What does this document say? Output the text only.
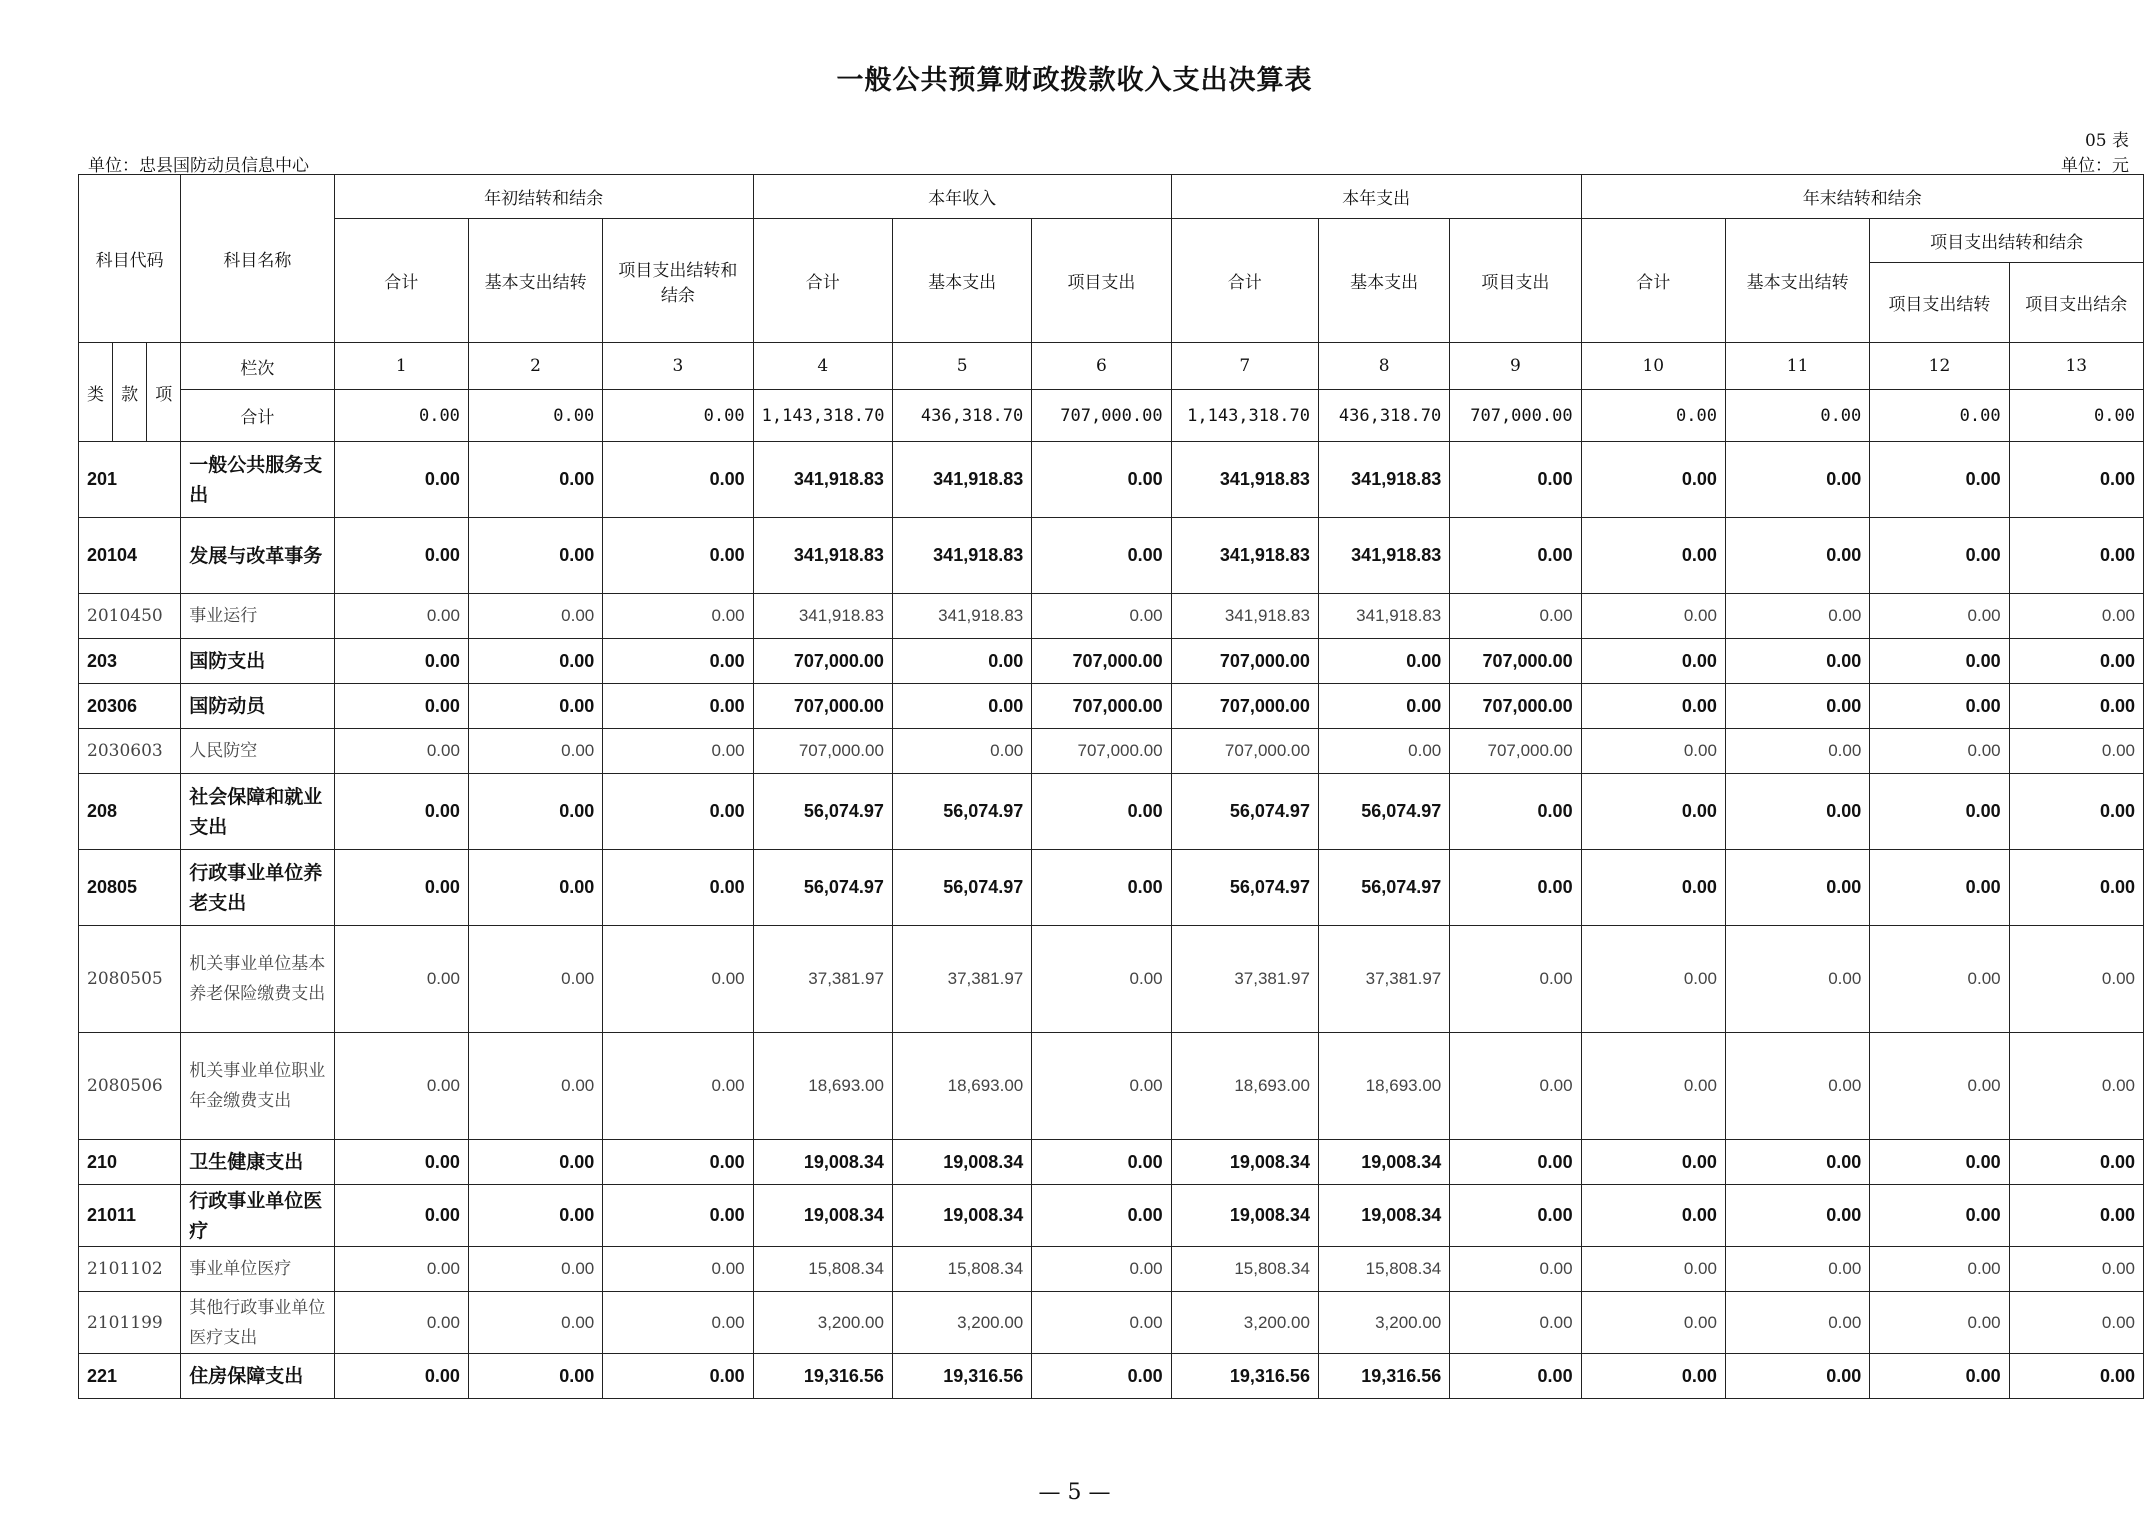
一般公共预算财政拨款收入支出决算表
05 表
单位：忠县国防动员信息中心	单位：元
科目代码			科目名称	年初结转和结余			本年收入			本年支出			年末结转和结余			
				合计	基本支出结转	项目支出结转和结余	合计	基本支出	项目支出	合计	基本支出	项目支出	合计	基本支出结转	项目支出结转和结余	
															项目支出结转	项目支出结余
类	款	项	栏次	1	2	3	4	5	6	7	8	9	10	11	12	13
			合计	0.00	0.00	0.00	1,143,318.70	436,318.70	707,000.00	1,143,318.70	436,318.70	707,000.00	0.00	0.00	0.00	0.00
201			一般公共服务支出	0.00	0.00	0.00	341,918.83	341,918.83	0.00	341,918.83	341,918.83	0.00	0.00	0.00	0.00	0.00
20104			发展与改革事务	0.00	0.00	0.00	341,918.83	341,918.83	0.00	341,918.83	341,918.83	0.00	0.00	0.00	0.00	0.00
2010450			事业运行	0.00	0.00	0.00	341,918.83	341,918.83	0.00	341,918.83	341,918.83	0.00	0.00	0.00	0.00	0.00
203			国防支出	0.00	0.00	0.00	707,000.00	0.00	707,000.00	707,000.00	0.00	707,000.00	0.00	0.00	0.00	0.00
20306			国防动员	0.00	0.00	0.00	707,000.00	0.00	707,000.00	707,000.00	0.00	707,000.00	0.00	0.00	0.00	0.00
2030603			人民防空	0.00	0.00	0.00	707,000.00	0.00	707,000.00	707,000.00	0.00	707,000.00	0.00	0.00	0.00	0.00
208			社会保障和就业支出	0.00	0.00	0.00	56,074.97	56,074.97	0.00	56,074.97	56,074.97	0.00	0.00	0.00	0.00	0.00
20805			行政事业单位养老支出	0.00	0.00	0.00	56,074.97	56,074.97	0.00	56,074.97	56,074.97	0.00	0.00	0.00	0.00	0.00
2080505			机关事业单位基本养老保险缴费支出	0.00	0.00	0.00	37,381.97	37,381.97	0.00	37,381.97	37,381.97	0.00	0.00	0.00	0.00	0.00
2080506			机关事业单位职业年金缴费支出	0.00	0.00	0.00	18,693.00	18,693.00	0.00	18,693.00	18,693.00	0.00	0.00	0.00	0.00	0.00
210			卫生健康支出	0.00	0.00	0.00	19,008.34	19,008.34	0.00	19,008.34	19,008.34	0.00	0.00	0.00	0.00	0.00
21011			行政事业单位医疗	0.00	0.00	0.00	19,008.34	19,008.34	0.00	19,008.34	19,008.34	0.00	0.00	0.00	0.00	0.00
2101102			事业单位医疗	0.00	0.00	0.00	15,808.34	15,808.34	0.00	15,808.34	15,808.34	0.00	0.00	0.00	0.00	0.00
2101199			其他行政事业单位医疗支出	0.00	0.00	0.00	3,200.00	3,200.00	0.00	3,200.00	3,200.00	0.00	0.00	0.00	0.00	0.00
221			住房保障支出	0.00	0.00	0.00	19,316.56	19,316.56	0.00	19,316.56	19,316.56	0.00	0.00	0.00	0.00	0.00
— 5 —
